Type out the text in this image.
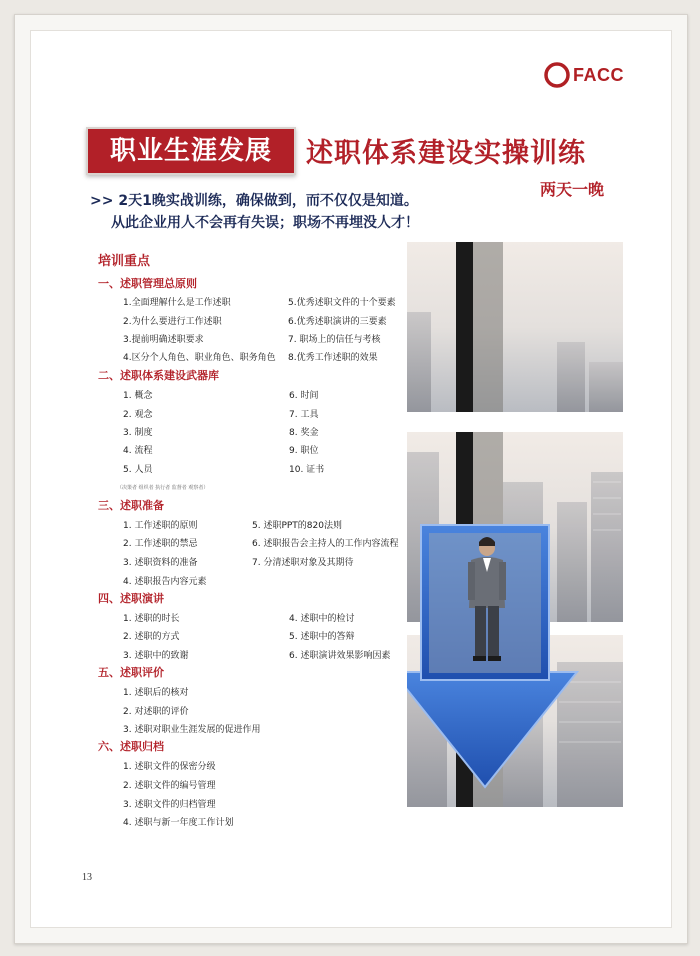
FACC
职业生涯发展	述职体系建设实操训练
两天一晚
>> 2天1晚实战训练，确保做到，而不仅仅是知道。
从此企业用人不会再有失误；职场不再埋没人才！
培训重点
一、述职管理总原则
1.全面理解什么是工作述职
2.为什么要进行工作述职
3.提前明确述职要求
4.区分个人角色、职业角色、职务角色
5.优秀述职文件的十个要素
6.优秀述职演讲的三要素
7. 职场上的信任与考核
8.优秀工作述职的效果
二、述职体系建设武器库
1. 概念
2. 观念
3. 制度
4. 流程
5. 人员
6. 时间
7. 工具
8. 奖金
9. 职位
10. 证书
（决策者 组织者 执行者 监督者 观察者）
三、述职准备
1. 工作述职的原则
2. 工作述职的禁忌
3. 述职资料的准备
4. 述职报告内容元素
5. 述职PPT的820法则
6. 述职报告会主持人的工作内容流程
7. 分清述职对象及其期待
四、述职演讲
1. 述职的时长
2. 述职的方式
3. 述职中的致谢
4. 述职中的检讨
5. 述职中的答辩
6. 述职演讲效果影响因素
五、述职评价
1. 述职后的核对
2. 对述职的评价
3. 述职对职业生涯发展的促进作用
六、述职归档
1. 述职文件的保密分级
2. 述职文件的编号管理
3. 述职文件的归档管理
4. 述职与新一年度工作计划
13
